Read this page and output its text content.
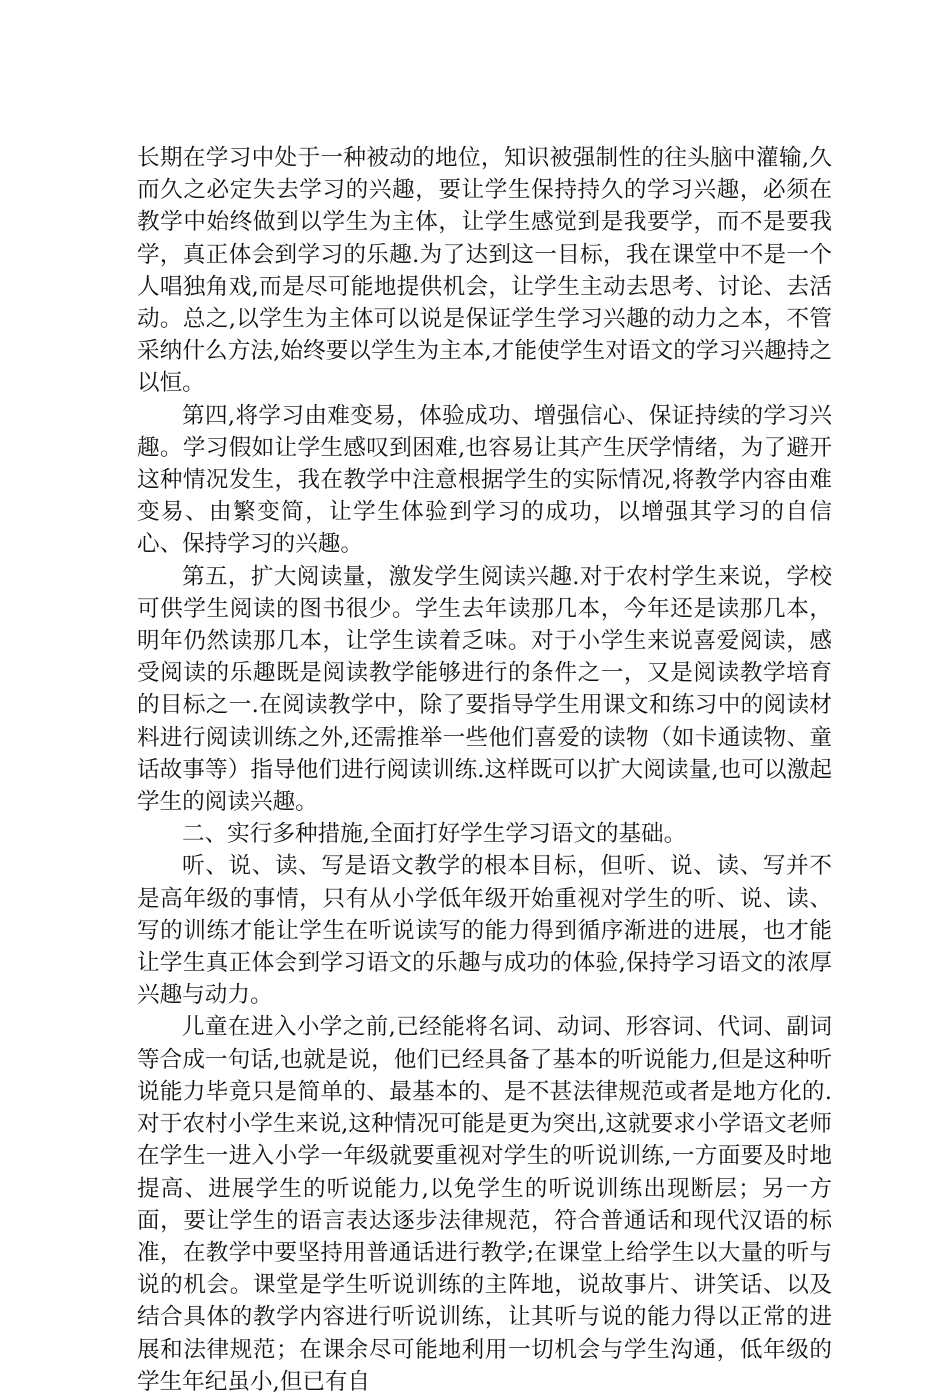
长期在学习中处于一种被动的地位，知识被强制性的往头脑中灌输,久而久之必定失去学习的兴趣，要让学生保持持久的学习兴趣，必须在教学中始终做到以学生为主体，让学生感觉到是我要学，而不是要我学，真正体会到学习的乐趣.为了达到这一目标，我在课堂中不是一个人唱独角戏,而是尽可能地提供机会，让学生主动去思考、讨论、去活动。总之,以学生为主体可以说是保证学生学习兴趣的动力之本，不管采纳什么方法,始终要以学生为主本,才能使学生对语文的学习兴趣持之以恒。

第四,将学习由难变易，体验成功、增强信心、保证持续的学习兴趣。学习假如让学生感叹到困难,也容易让其产生厌学情绪，为了避开这种情况发生，我在教学中注意根据学生的实际情况,将教学内容由难变易、由繁变简，让学生体验到学习的成功，以增强其学习的自信心、保持学习的兴趣。

第五，扩大阅读量，激发学生阅读兴趣.对于农村学生来说，学校可供学生阅读的图书很少。学生去年读那几本，今年还是读那几本，明年仍然读那几本，让学生读着乏味。对于小学生来说喜爱阅读，感受阅读的乐趣既是阅读教学能够进行的条件之一，又是阅读教学培育的目标之一.在阅读教学中，除了要指导学生用课文和练习中的阅读材料进行阅读训练之外,还需推举一些他们喜爱的读物（如卡通读物、童话故事等）指导他们进行阅读训练.这样既可以扩大阅读量,也可以激起学生的阅读兴趣。

二、实行多种措施,全面打好学生学习语文的基础。

听、说、读、写是语文教学的根本目标，但听、说、读、写并不是高年级的事情，只有从小学低年级开始重视对学生的听、说、读、写的训练才能让学生在听说读写的能力得到循序渐进的进展，也才能让学生真正体会到学习语文的乐趣与成功的体验,保持学习语文的浓厚兴趣与动力。

儿童在进入小学之前,已经能将名词、动词、形容词、代词、副词等合成一句话,也就是说，他们已经具备了基本的听说能力,但是这种听说能力毕竟只是简单的、最基本的、是不甚法律规范或者是地方化的.对于农村小学生来说,这种情况可能是更为突出,这就要求小学语文老师在学生一进入小学一年级就要重视对学生的听说训练,一方面要及时地提高、进展学生的听说能力,以免学生的听说训练出现断层；另一方面，要让学生的语言表达逐步法律规范，符合普通话和现代汉语的标准，在教学中要坚持用普通话进行教学;在课堂上给学生以大量的听与说的机会。课堂是学生听说训练的主阵地，说故事片、讲笑话、以及结合具体的教学内容进行听说训练，让其听与说的能力得以正常的进展和法律规范；在课余尽可能地利用一切机会与学生沟通，低年级的学生年纪虽小,但已有自
